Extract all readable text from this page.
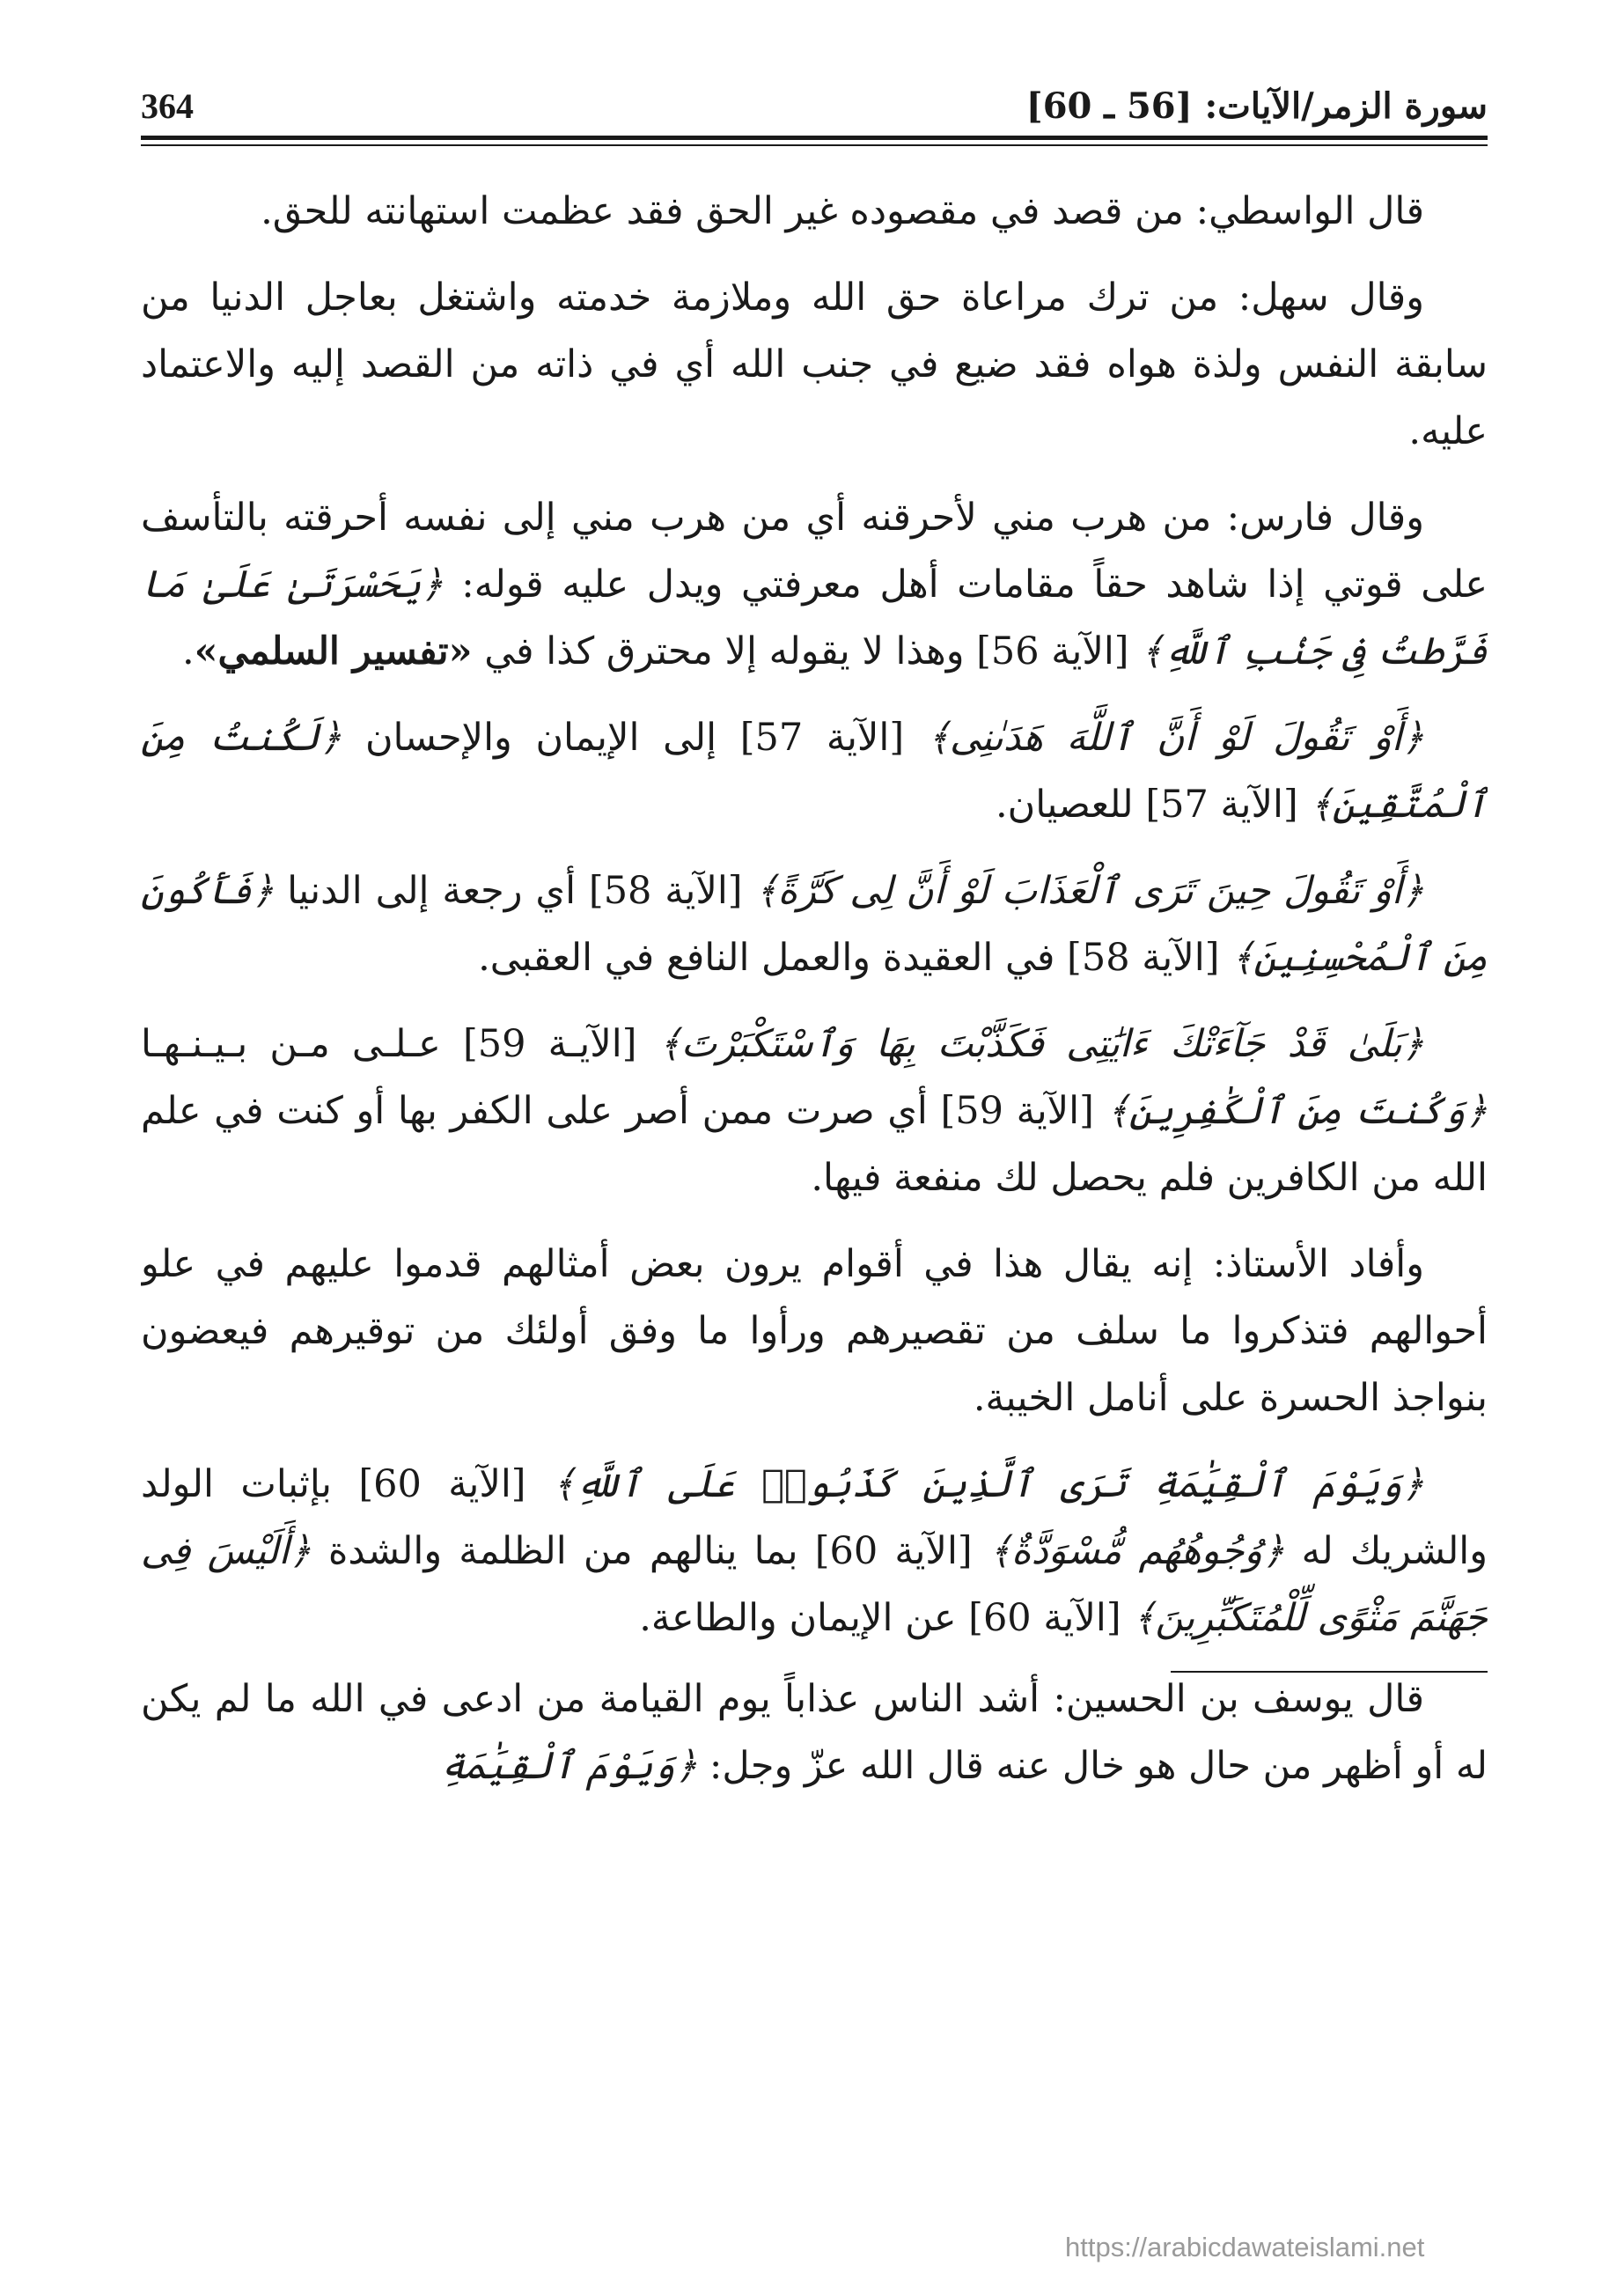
سورة الزمر/الآيات: [56 ـ 60]
364

قال الواسطي: من قصد في مقصوده غير الحق فقد عظمت استهانته للحق.

وقال سهل: من ترك مراعاة حق الله وملازمة خدمته واشتغل بعاجل الدنيا من سابقة النفس ولذة هواه فقد ضيع في جنب الله أي في ذاته من القصد إليه والاعتماد عليه.

وقال فارس: من هرب مني لأحرقنه أي من هرب مني إلى نفسه أحرقته بالتأسف على قوتي إذا شاهد حقاً مقامات أهل معرفتي ويدل عليه قوله: ﴿يَحَسْرَتَىٰ عَلَىٰ مَا فَرَّطتُ فِى جَنۢبِ ٱللَّهِ﴾ [الآية 56] وهذا لا يقوله إلا محترق كذا في «تفسير السلمي».

﴿أَوْ تَقُولَ لَوْ أَنَّ ٱللَّهَ هَدَىٰنِى﴾ [الآية 57] إلى الإيمان والإحسان ﴿لَكُنتُ مِنَ ٱلْمُتَّقِينَ﴾ [الآية 57] للعصيان.

﴿أَوْ تَقُولَ حِينَ تَرَى ٱلْعَذَابَ لَوْ أَنَّ لِى كَرَّةً﴾ [الآية 58] أي رجعة إلى الدنيا ﴿فَأَكُونَ مِنَ ٱلْمُحْسِنِينَ﴾ [الآية 58] في العقيدة والعمل النافع في العقبى.

﴿بَلَىٰ قَدْ جَآءَتْكَ ءَايَٰتِى فَكَذَّبْتَ بِهَا وَٱسْتَكْبَرْتَ﴾ [الآيـة 59] عـلـى مـن بـيـنـهـا ﴿وَكُنتَ مِنَ ٱلْكَٰفِرِينَ﴾ [الآية 59] أي صرت ممن أصر على الكفر بها أو كنت في علم الله من الكافرين فلم يحصل لك منفعة فيها.

وأفاد الأستاذ: إنه يقال هذا في أقوام يرون بعض أمثالهم قدموا عليهم في علو أحوالهم فتذكروا ما سلف من تقصيرهم ورأوا ما وفق أولئك من توقيرهم فيعضون بنواجذ الحسرة على أنامل الخيبة.

﴿وَيَوْمَ ٱلْقِيَٰمَةِ تَرَى ٱلَّذِينَ كَذَبُوا۟ عَلَى ٱللَّهِ﴾ [الآية 60] بإثبات الولد والشريك له ﴿وُجُوهُهُم مُّسْوَدَّةٌ﴾ [الآية 60] بما ينالهم من الظلمة والشدة ﴿أَلَيْسَ فِى جَهَنَّمَ مَثْوًى لِّلْمُتَكَبِّرِينَ﴾ [الآية 60] عن الإيمان والطاعة.

قال يوسف بن الحسين: أشد الناس عذاباً يوم القيامة من ادعى في الله ما لم يكن له أو أظهر من حال هو خال عنه قال الله عزّ وجل: ﴿وَيَوْمَ ٱلْقِيَٰمَةِ

https://arabicdawateislami.net
